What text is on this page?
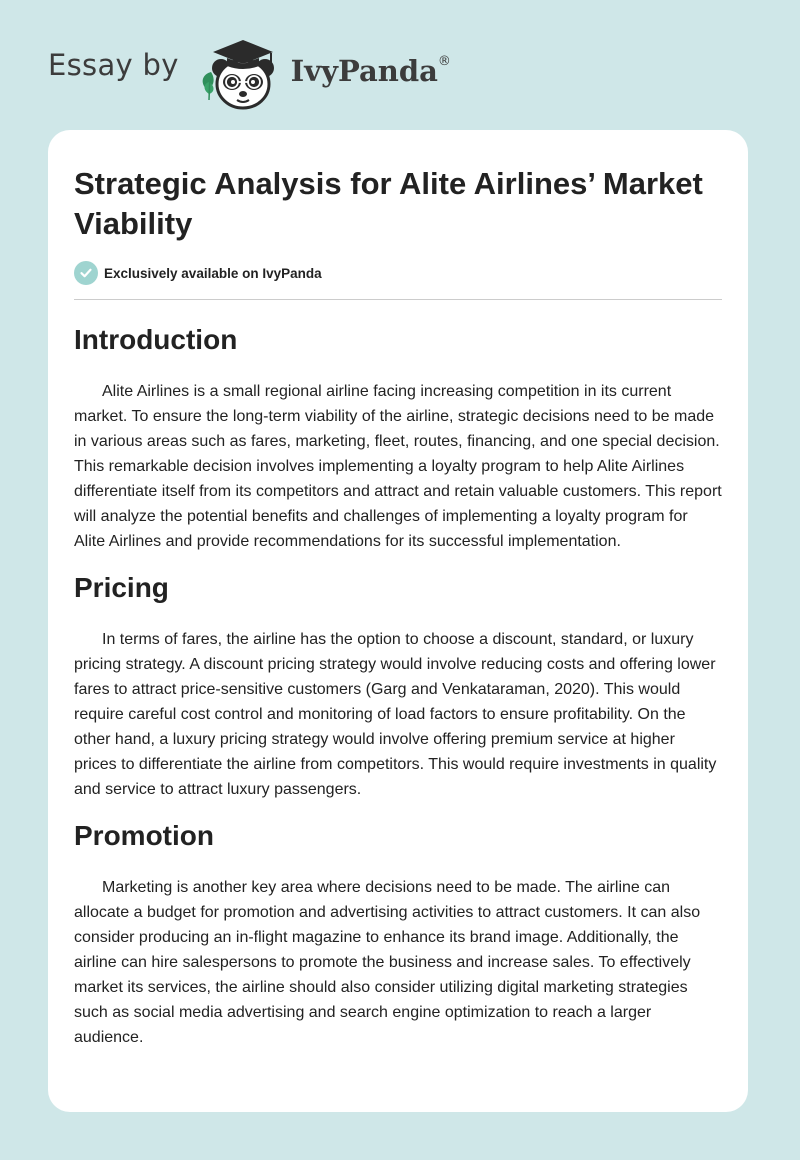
Essay by	IvyPanda ®
Strategic Analysis for Alite Airlines’ Market Viability
Exclusively available on IvyPanda
Introduction

Alite Airlines is a small regional airline facing increasing competition in its current market. To ensure the long-term viability of the airline, strategic decisions need to be made in various areas such as fares, marketing, fleet, routes, financing, and one special decision. This remarkable decision involves implementing a loyalty program to help Alite Airlines differentiate itself from its competitors and attract and retain valuable customers. This report will analyze the potential benefits and challenges of implementing a loyalty program for Alite Airlines and provide recommendations for its successful implementation.

Pricing

In terms of fares, the airline has the option to choose a discount, standard, or luxury pricing strategy. A discount pricing strategy would involve reducing costs and offering lower fares to attract price-sensitive customers (Garg and Venkataraman, 2020). This would require careful cost control and monitoring of load factors to ensure profitability. On the other hand, a luxury pricing strategy would involve offering premium service at higher prices to differentiate the airline from competitors. This would require investments in quality and service to attract luxury passengers.

Promotion

Marketing is another key area where decisions need to be made. The airline can allocate a budget for promotion and advertising activities to attract customers. It can also consider producing an in-flight magazine to enhance its brand image. Additionally, the airline can hire salespersons to promote the business and increase sales. To effectively market its services, the airline should also consider utilizing digital marketing strategies such as social media advertising and search engine optimization to reach a larger audience.
